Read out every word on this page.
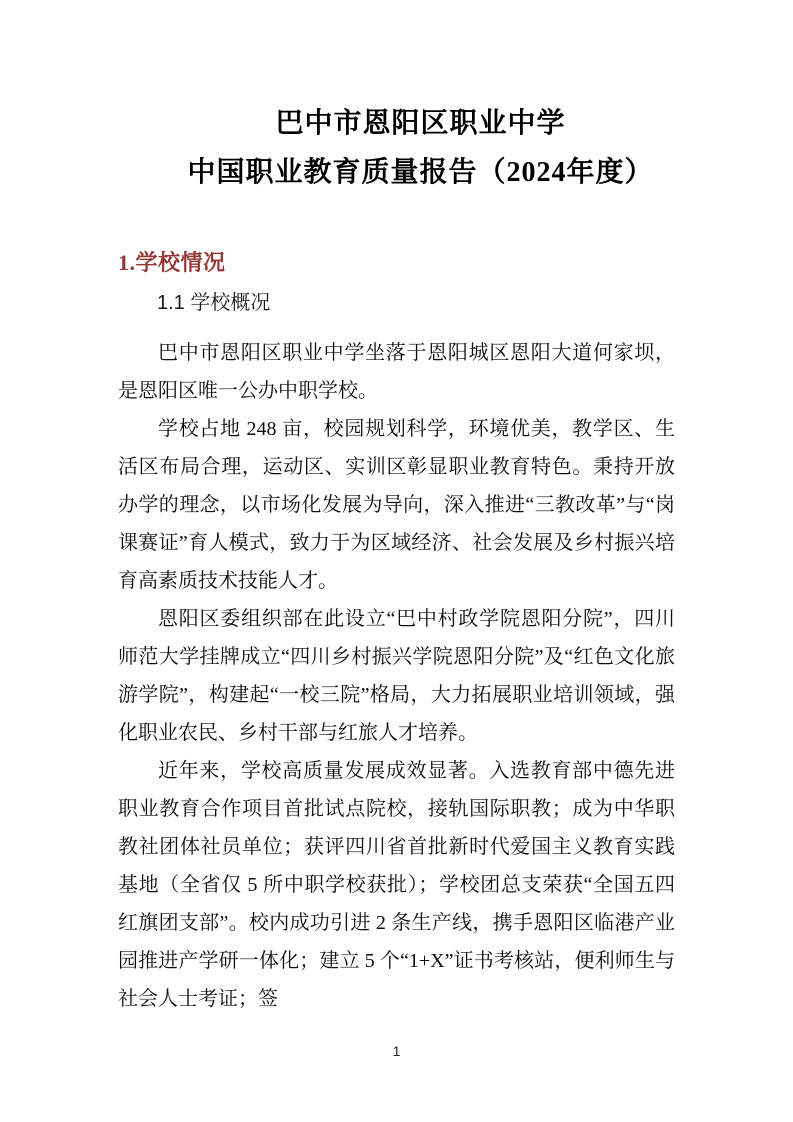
巴中市恩阳区职业中学
中国职业教育质量报告（2024年度）
1.学校情况
1.1 学校概况

巴中市恩阳区职业中学坐落于恩阳城区恩阳大道何家坝，是恩阳区唯一公办中职学校。

学校占地 248 亩，校园规划科学，环境优美，教学区、生活区布局合理，运动区、实训区彰显职业教育特色。秉持开放办学的理念，以市场化发展为导向，深入推进“三教改革”与“岗课赛证”育人模式，致力于为区域经济、社会发展及乡村振兴培育高素质技术技能人才。

恩阳区委组织部在此设立“巴中村政学院恩阳分院”，四川师范大学挂牌成立“四川乡村振兴学院恩阳分院”及“红色文化旅游学院”，构建起“一校三院”格局，大力拓展职业培训领域，强化职业农民、乡村干部与红旅人才培养。

近年来，学校高质量发展成效显著。入选教育部中德先进职业教育合作项目首批试点院校，接轨国际职教；成为中华职教社团体社员单位；获评四川省首批新时代爱国主义教育实践基地（全省仅 5 所中职学校获批）；学校团总支荣获“全国五四红旗团支部”。校内成功引进 2 条生产线，携手恩阳区临港产业园推进产学研一体化；建立 5 个“1+X”证书考核站，便利师生与社会人士考证；签

1
